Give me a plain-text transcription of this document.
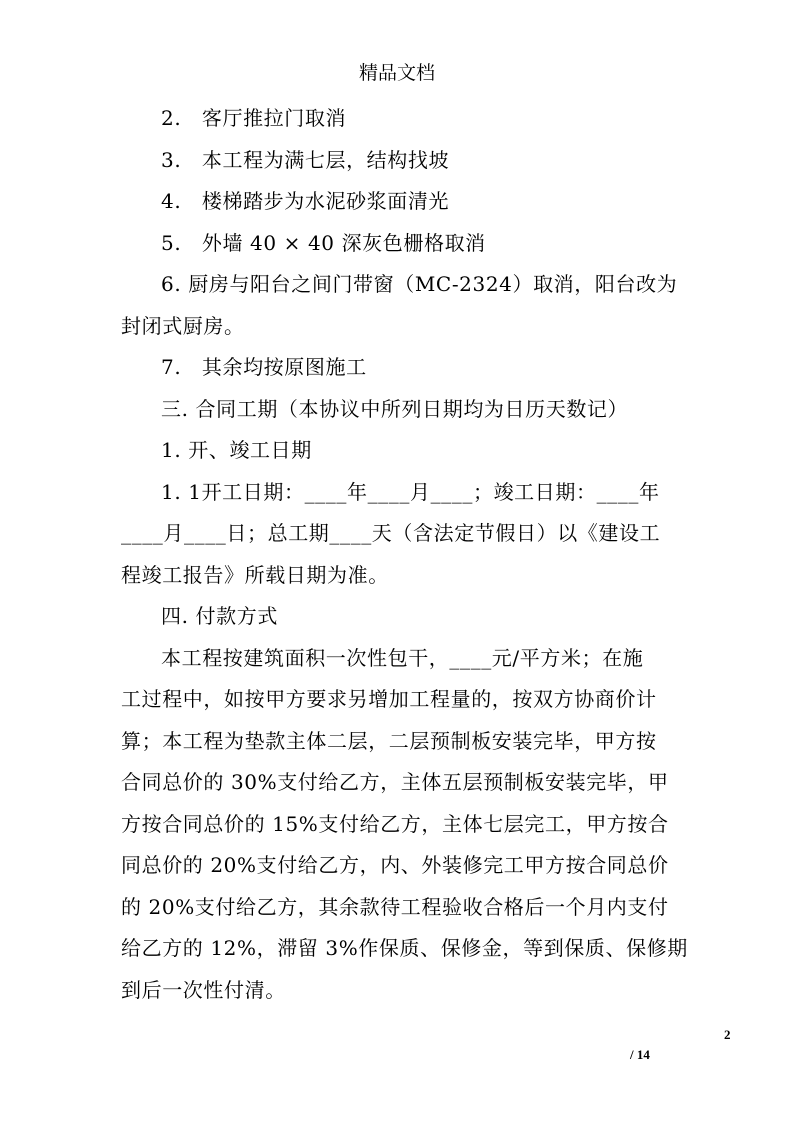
精品文档
2.　客厅推拉门取消
3.　本工程为满七层，结构找坡
4.　楼梯踏步为水泥砂浆面清光
5.　外墙 40 × 40 深灰色栅格取消
6. 厨房与阳台之间门带窗（MC-2324）取消，阳台改为
封闭式厨房。
7.　其余均按原图施工
三. 合同工期（本协议中所列日期均为日历天数记）
1. 开、竣工日期
1. 1开工日期：____年____月____；竣工日期：____年
____月____日；总工期____天（含法定节假日）以《建设工
程竣工报告》所载日期为准。
四. 付款方式
本工程按建筑面积一次性包干，____元/平方米；在施
工过程中，如按甲方要求另增加工程量的，按双方协商价计
算；本工程为垫款主体二层，二层预制板安装完毕，甲方按
合同总价的 30%支付给乙方，主体五层预制板安装完毕，甲
方按合同总价的 15%支付给乙方，主体七层完工，甲方按合
同总价的 20%支付给乙方，内、外装修完工甲方按合同总价
的 20%支付给乙方，其余款待工程验收合格后一个月内支付
给乙方的 12%，滞留 3%作保质、保修金，等到保质、保修期
到后一次性付清。
2
/ 14
